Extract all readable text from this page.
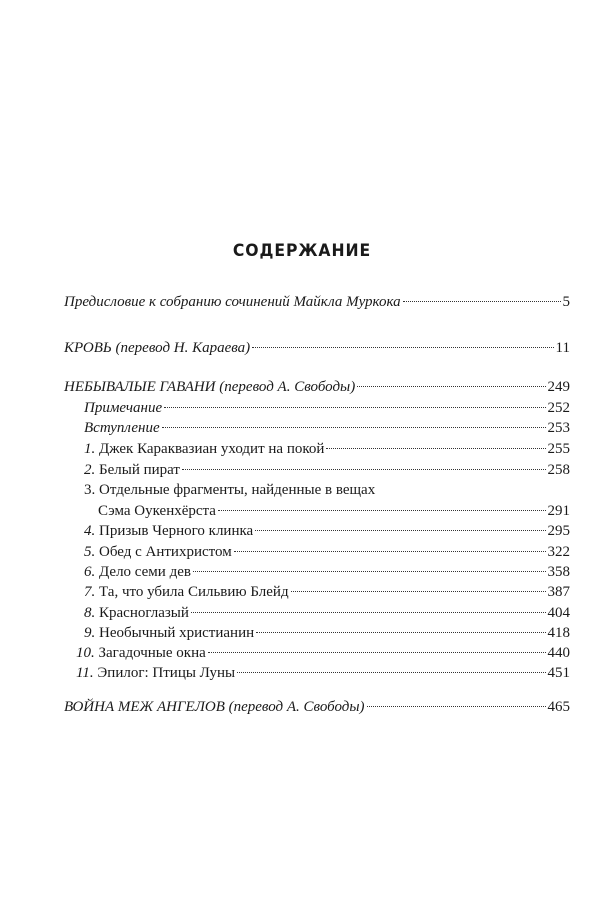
СОДЕРЖАНИЕ
Предисловие к собранию сочинений Майкла Муркока	5
КРОВЬ (перевод Н. Караева)	11
НЕБЫВАЛЫЕ ГАВАНИ (перевод А. Свободы)	249
Примечание	252
Вступление	253
1. Джек Караквазиан уходит на покой	255
2. Белый пират	258
3. Отдельные фрагменты, найденные в вещах
Сэма Оукенхёрста	291
4. Призыв Черного клинка	295
5. Обед с Антихристом	322
6. Дело семи дев	358
7. Та, что убила Сильвию Блейд	387
8. Красноглазый	404
9. Необычный христианин	418
10. Загадочные окна	440
11. Эпилог: Птицы Луны	451
ВОЙНА МЕЖ АНГЕЛОВ (перевод А. Свободы)	465
